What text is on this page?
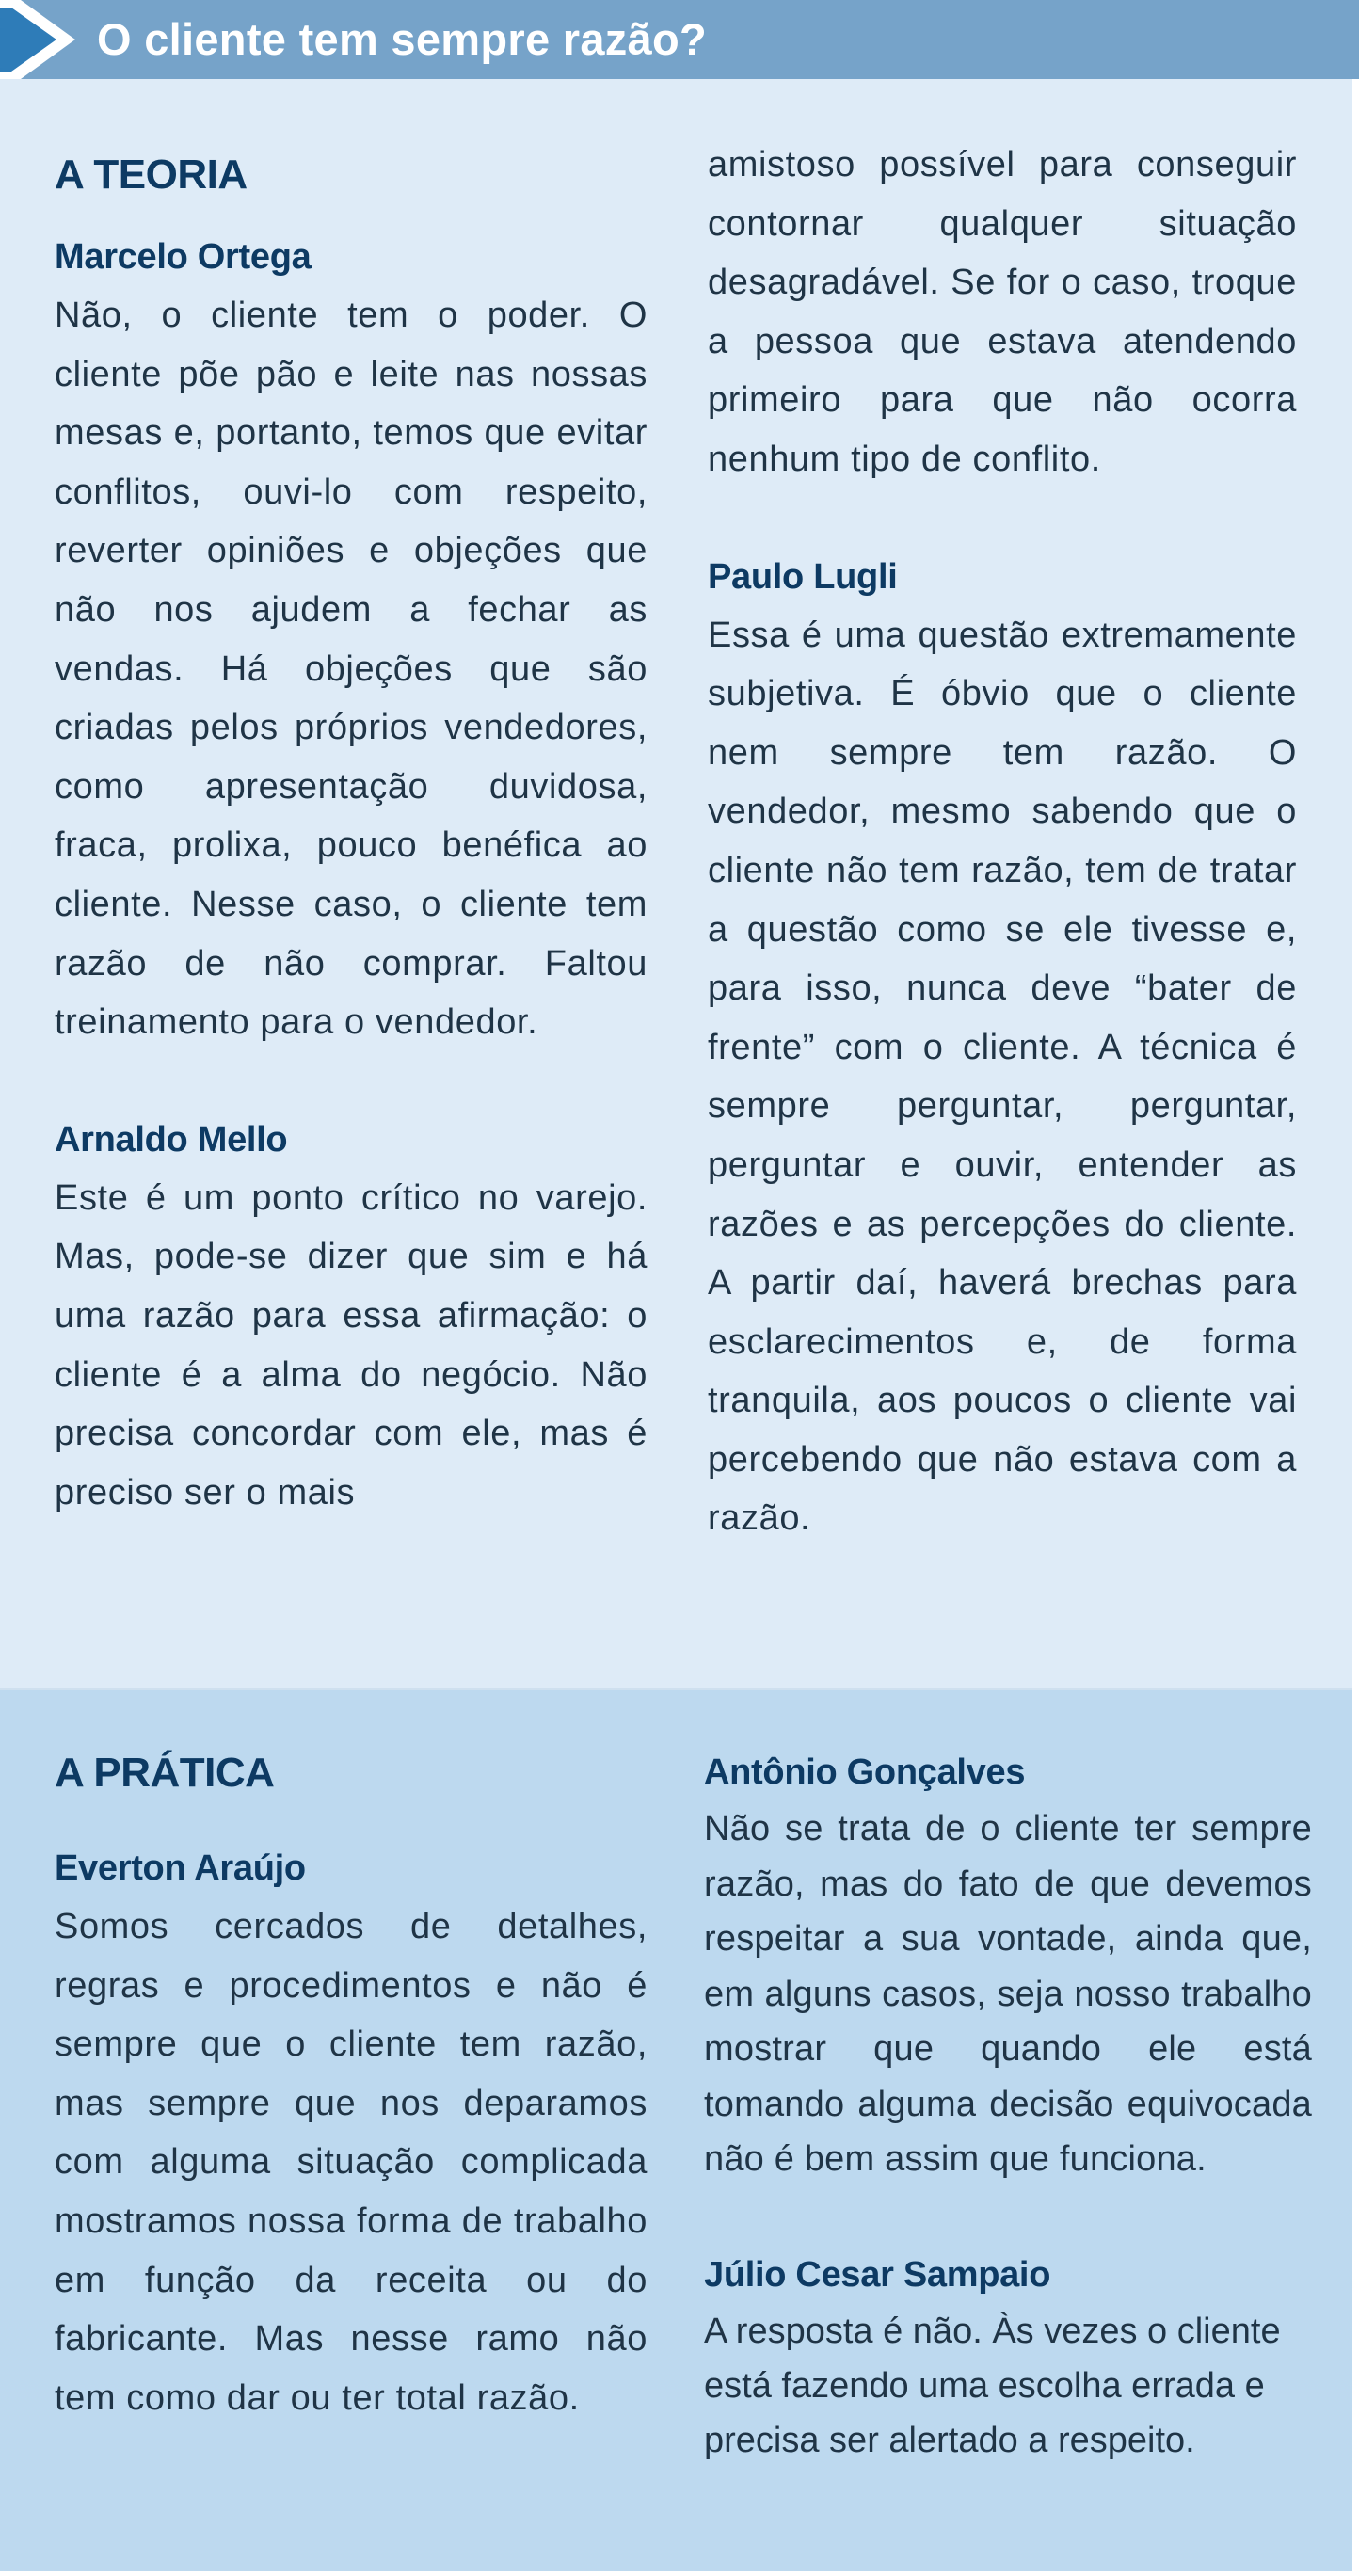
O cliente tem sempre razão?
A TEORIA

Marcelo Ortega

Não, o cliente tem o poder. O cliente põe pão e leite nas nossas mesas e, portanto, temos que evitar conflitos, ouvi-lo com respeito, reverter opiniões e objeções que não nos ajudem a fechar as vendas. Há objeções que são criadas pelos próprios vendedores, como apresentação duvidosa, fraca, prolixa, pouco benéfica ao cliente. Nesse caso, o cliente tem razão de não comprar. Faltou treinamento para o vendedor.

Arnaldo Mello

Este é um ponto crítico no varejo. Mas, pode-se dizer que sim e há uma razão para essa afirmação: o cliente é a alma do negócio. Não precisa concordar com ele, mas é preciso ser o mais

amistoso possível para conseguir contornar qualquer situação desagradável. Se for o caso, troque a pessoa que estava atendendo primeiro para que não ocorra nenhum tipo de conflito.

Paulo Lugli

Essa é uma questão extremamente subjetiva. É óbvio que o cliente nem sempre tem razão. O vendedor, mesmo sabendo que o cliente não tem razão, tem de tratar a questão como se ele tivesse e, para isso, nunca deve “bater de frente” com o cliente. A técnica é sempre perguntar, perguntar, perguntar e ouvir, entender as razões e as percepções do cliente. A partir daí, haverá brechas para esclarecimentos e, de forma tranquila, aos poucos o cliente vai percebendo que não estava com a razão.

A PRÁTICA

Everton Araújo

Somos cercados de detalhes, regras e procedimentos e não é sempre que o cliente tem razão, mas sempre que nos deparamos com alguma situação complicada mostramos nossa forma de trabalho em função da receita ou do fabricante. Mas nesse ramo não tem como dar ou ter total razão.

Antônio Gonçalves

Não se trata de o cliente ter sempre razão, mas do fato de que devemos respeitar a sua vontade, ainda que, em alguns casos, seja nosso trabalho mostrar que quando ele está tomando alguma decisão equivocada não é bem assim que funciona.

Júlio Cesar Sampaio

A resposta é não. Às vezes o cliente está fazendo uma escolha errada e precisa ser alertado a respeito.
